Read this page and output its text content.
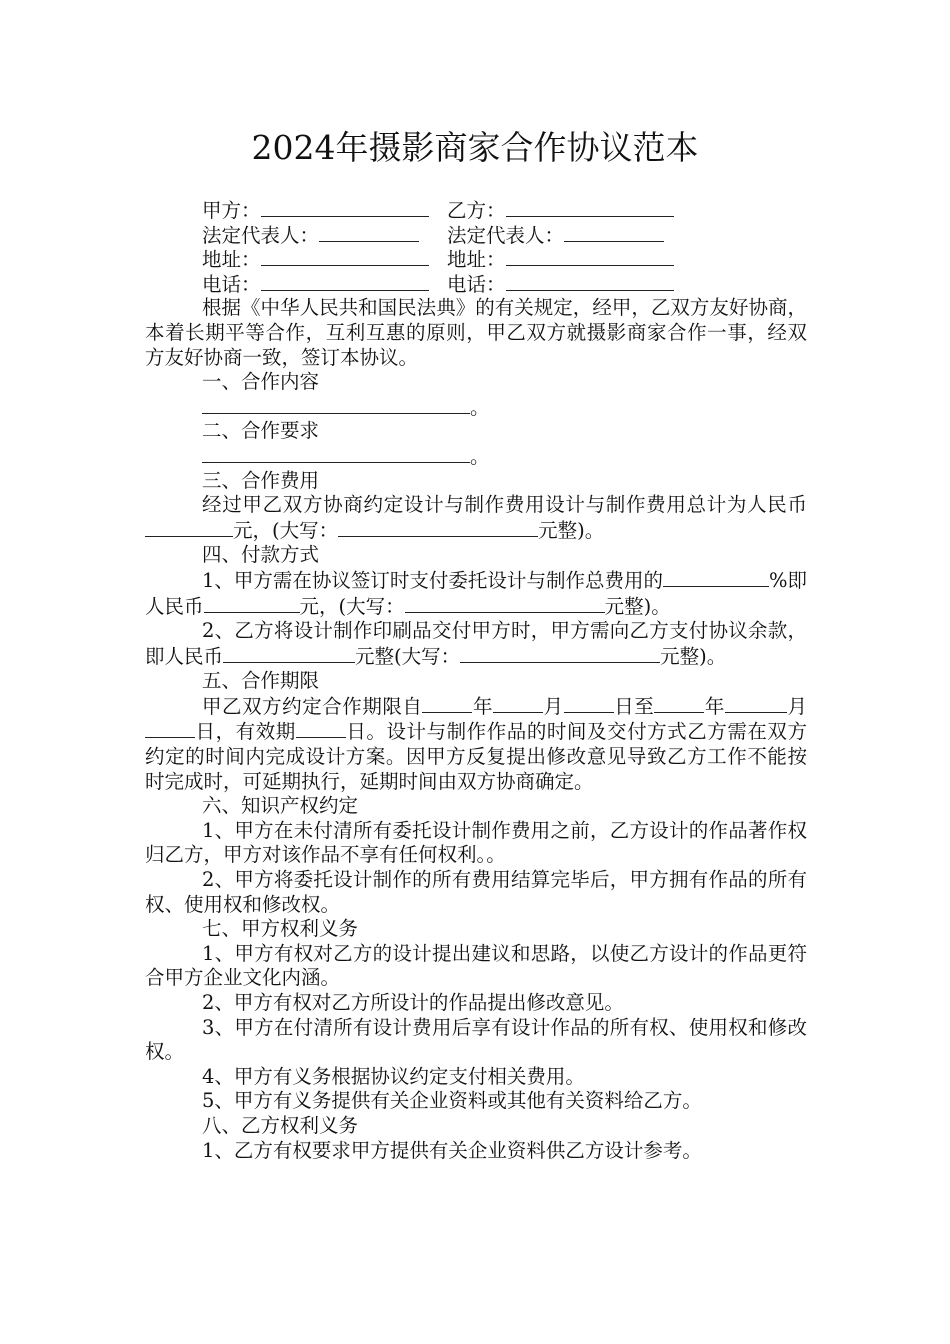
2024年摄影商家合作协议范本
甲方：	乙方：
法定代表人：	法定代表人：
地址：	地址：
电话：	电话：
根据《中华人民共和国民法典》的有关规定，经甲，乙双方友好协商，本着长期平等合作，互利互惠的原则，甲乙双方就摄影商家合作一事，经双方友好协商一致，签订本协议。
一、合作内容
。
二、合作要求
。
三、合作费用
经过甲乙双方协商约定设计与制作费用设计与制作费用总计为人民币元，(大写：	元整)。
四、付款方式
1、甲方需在协议签订时支付委托设计与制作总费用的	%即人民币	元，(大写：	元整)。
2、乙方将设计制作印刷品交付甲方时，甲方需向乙方支付协议余款，即人民币	元整(大写：	元整)。
五、合作期限
甲乙双方约定合作期限自	年	月	日至	年	月日，有效期	日。设计与制作作品的时间及交付方式乙方需在双方约定的时间内完成设计方案。因甲方反复提出修改意见导致乙方工作不能按时完成时，可延期执行，延期时间由双方协商确定。
六、知识产权约定
1、甲方在未付清所有委托设计制作费用之前，乙方设计的作品著作权归乙方，甲方对该作品不享有任何权利。。
2、甲方将委托设计制作的所有费用结算完毕后，甲方拥有作品的所有权、使用权和修改权。
七、甲方权利义务
1、甲方有权对乙方的设计提出建议和思路，以使乙方设计的作品更符合甲方企业文化内涵。
2、甲方有权对乙方所设计的作品提出修改意见。
3、甲方在付清所有设计费用后享有设计作品的所有权、使用权和修改权。
4、甲方有义务根据协议约定支付相关费用。
5、甲方有义务提供有关企业资料或其他有关资料给乙方。
八、乙方权利义务
1、乙方有权要求甲方提供有关企业资料供乙方设计参考。
